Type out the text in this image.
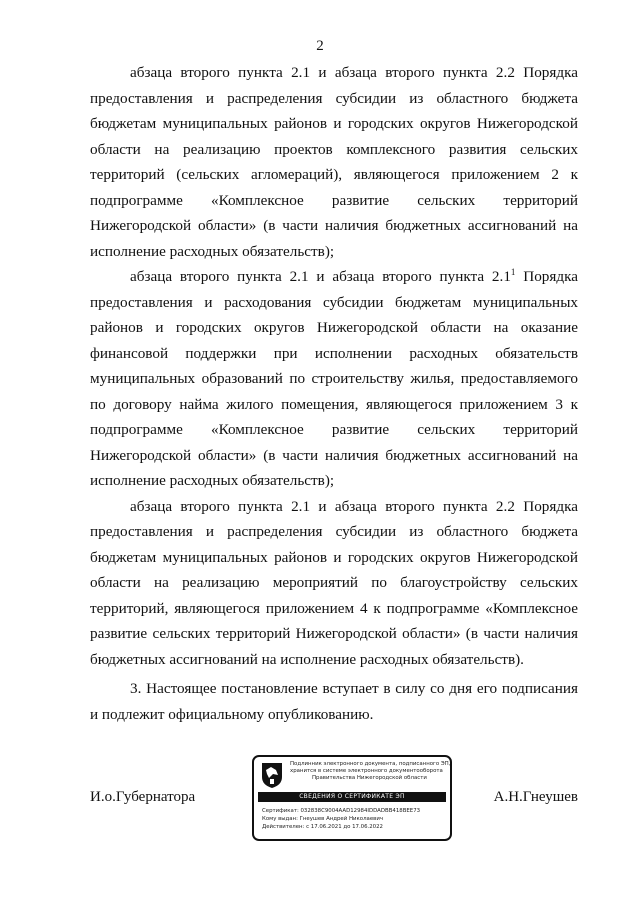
2

абзаца второго пункта 2.1 и абзаца второго пункта 2.2 Порядка предоставления и распределения субсидии из областного бюджета бюджетам муниципальных районов и городских округов Нижегородской области на реализацию проектов комплексного развития сельских территорий (сельских агломераций), являющегося приложением 2 к подпрограмме «Комплексное развитие сельских территорий Нижегородской области» (в части наличия бюджетных ассигнований на исполнение расходных обязательств);

абзаца второго пункта 2.1 и абзаца второго пункта $2.1^1$ Порядка предоставления и расходования субсидии бюджетам муниципальных районов и городских округов Нижегородской области на оказание финансовой поддержки при исполнении расходных обязательств муниципальных образований по строительству жилья, предоставляемого по договору найма жилого помещения, являющегося приложением 3 к подпрограмме «Комплексное развитие сельских территорий Нижегородской области» (в части наличия бюджетных ассигнований на исполнение расходных обязательств);

абзаца второго пункта 2.1 и абзаца второго пункта 2.2 Порядка предоставления и распределения субсидии из областного бюджета бюджетам муниципальных районов и городских округов Нижегородской области на реализацию мероприятий по благоустройству сельских территорий, являющегося приложением 4 к подпрограмме «Комплексное развитие сельских территорий Нижегородской области» (в части наличия бюджетных ассигнований на исполнение расходных обязательств).

3. Настоящее постановление вступает в силу со дня его подписания и подлежит официальному опубликованию.

И.о.Губернатора	А.Н.Гнеушев
Подлинник электронного документа, подписанного ЭП,
хранится в системе электронного документооборота
Правительства Нижегородской области
СВЕДЕНИЯ О СЕРТИФИКАТЕ ЭП
Сертификат: 032838C9004AAD12984IDDADBB418BEE73
Кому выдан: Гнеушев Андрей Николаевич
Действителен: с 17.06.2021 до 17.06.2022
